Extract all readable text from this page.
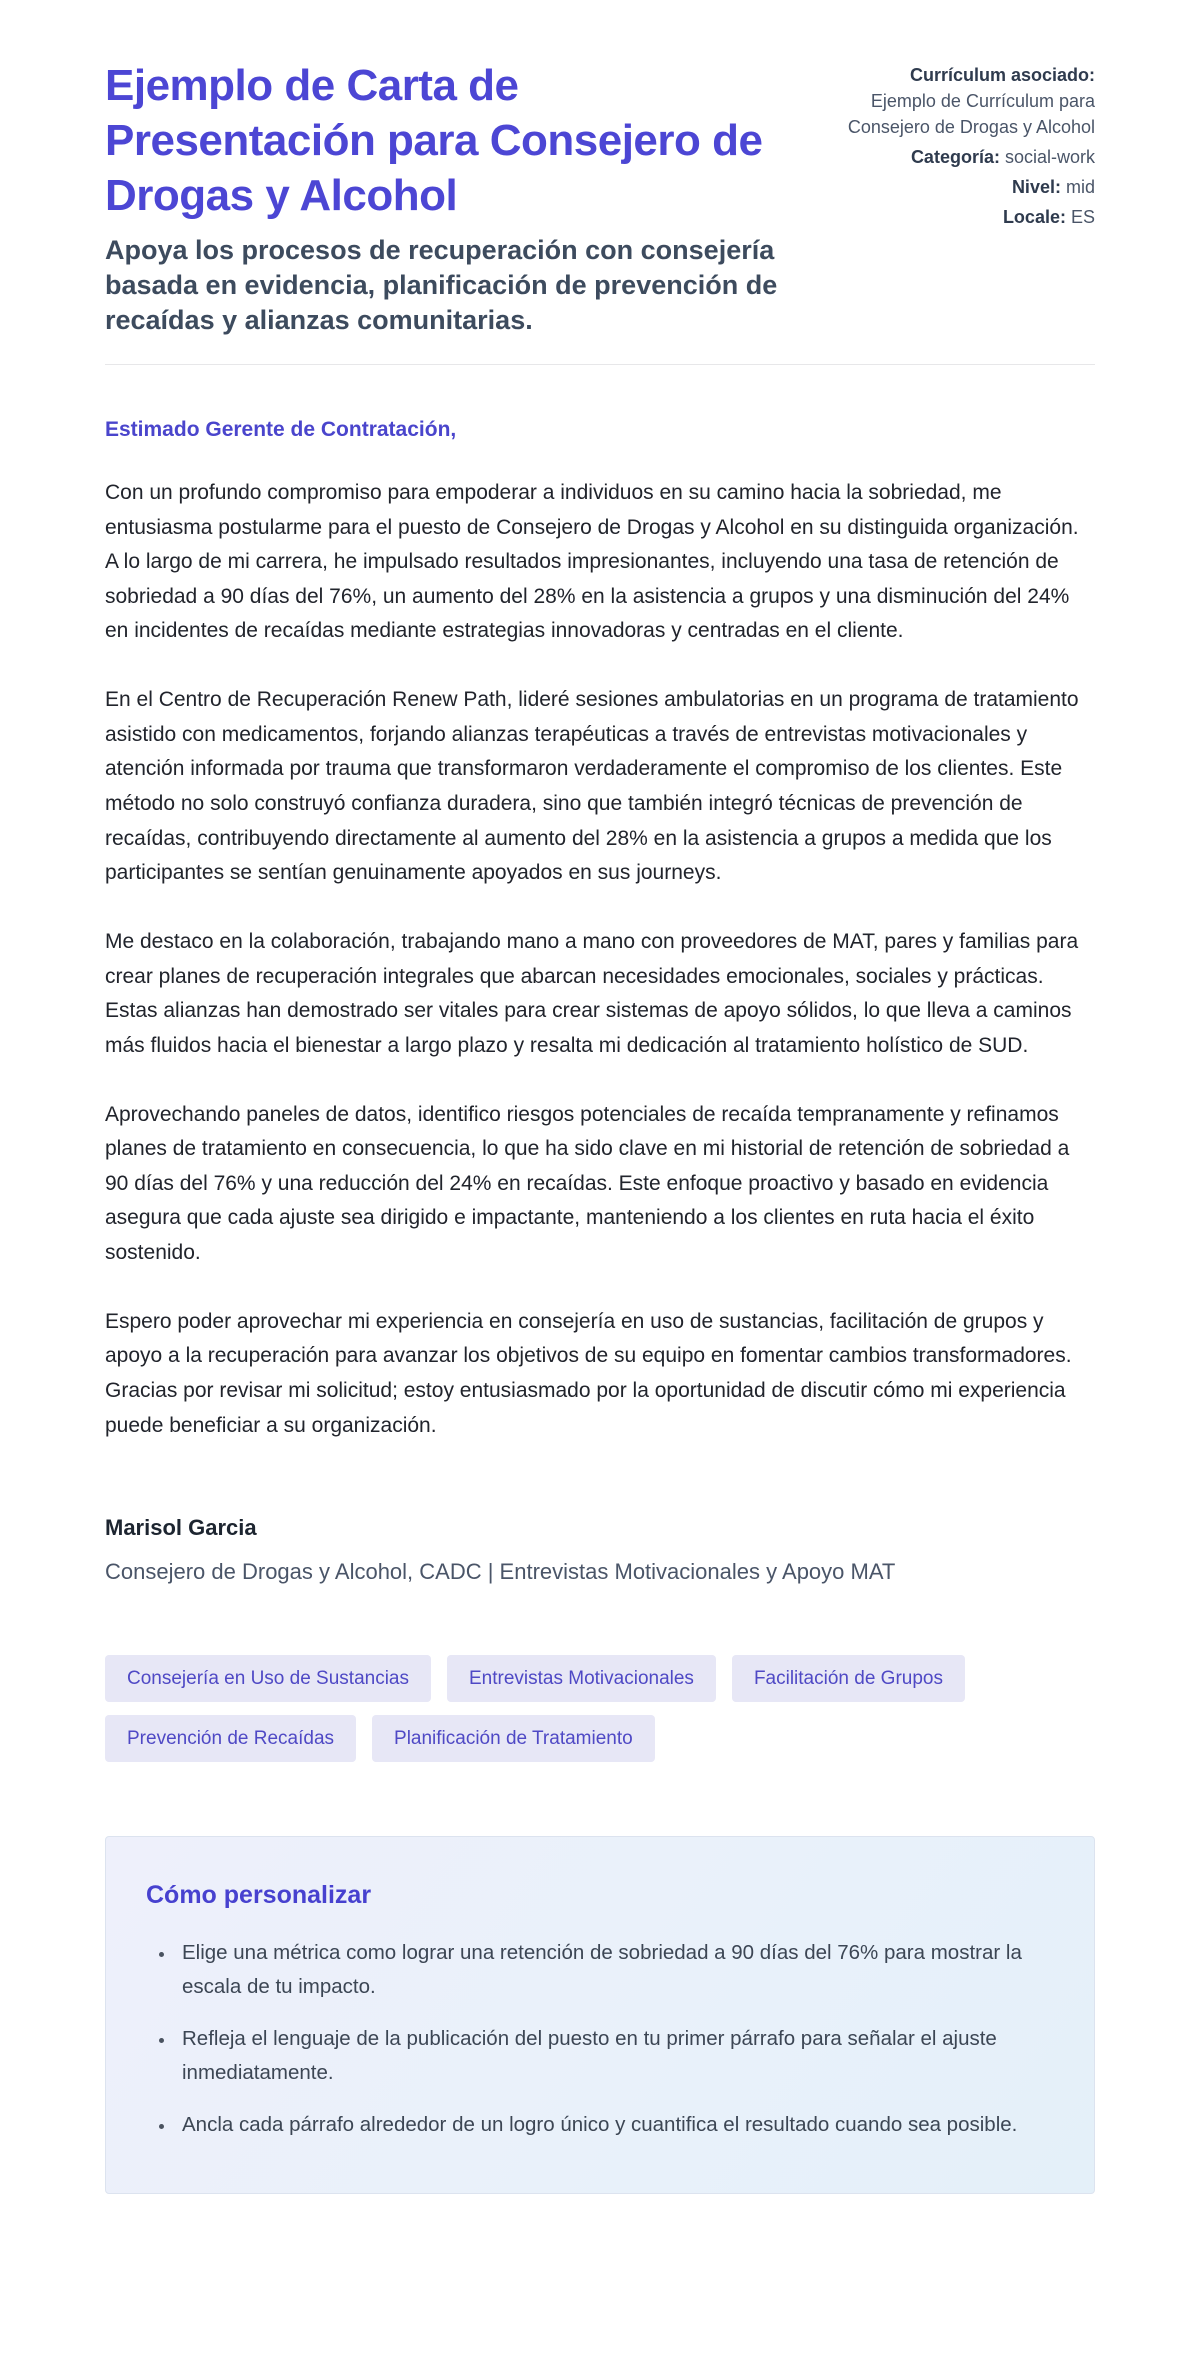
Ejemplo de Carta de Presentación para Consejero de Drogas y Alcohol

Apoya los procesos de recuperación con consejería basada en evidencia, planificación de prevención de recaídas y alianzas comunitarias.

Currículum asociado:
Ejemplo de Currículum para Consejero de Drogas y Alcohol
Categoría: social-work
Nivel: mid
Locale: ES

Estimado Gerente de Contratación,

Con un profundo compromiso para empoderar a individuos en su camino hacia la sobriedad, me entusiasma postularme para el puesto de Consejero de Drogas y Alcohol en su distinguida organización. A lo largo de mi carrera, he impulsado resultados impresionantes, incluyendo una tasa de retención de sobriedad a 90 días del 76%, un aumento del 28% en la asistencia a grupos y una disminución del 24% en incidentes de recaídas mediante estrategias innovadoras y centradas en el cliente.

En el Centro de Recuperación Renew Path, lideré sesiones ambulatorias en un programa de tratamiento asistido con medicamentos, forjando alianzas terapéuticas a través de entrevistas motivacionales y atención informada por trauma que transformaron verdaderamente el compromiso de los clientes. Este método no solo construyó confianza duradera, sino que también integró técnicas de prevención de recaídas, contribuyendo directamente al aumento del 28% en la asistencia a grupos a medida que los participantes se sentían genuinamente apoyados en sus journeys.

Me destaco en la colaboración, trabajando mano a mano con proveedores de MAT, pares y familias para crear planes de recuperación integrales que abarcan necesidades emocionales, sociales y prácticas. Estas alianzas han demostrado ser vitales para crear sistemas de apoyo sólidos, lo que lleva a caminos más fluidos hacia el bienestar a largo plazo y resalta mi dedicación al tratamiento holístico de SUD.

Aprovechando paneles de datos, identifico riesgos potenciales de recaída tempranamente y refinamos planes de tratamiento en consecuencia, lo que ha sido clave en mi historial de retención de sobriedad a 90 días del 76% y una reducción del 24% en recaídas. Este enfoque proactivo y basado en evidencia asegura que cada ajuste sea dirigido e impactante, manteniendo a los clientes en ruta hacia el éxito sostenido.

Espero poder aprovechar mi experiencia en consejería en uso de sustancias, facilitación de grupos y apoyo a la recuperación para avanzar los objetivos de su equipo en fomentar cambios transformadores. Gracias por revisar mi solicitud; estoy entusiasmado por la oportunidad de discutir cómo mi experiencia puede beneficiar a su organización.

Marisol Garcia

Consejero de Drogas y Alcohol, CADC | Entrevistas Motivacionales y Apoyo MAT

Consejería en Uso de Sustancias	Entrevistas Motivacionales	Facilitación de Grupos
Prevención de Recaídas	Planificación de Tratamiento
Cómo personalizar
• Elige una métrica como lograr una retención de sobriedad a 90 días del 76% para mostrar la escala de tu impacto.
• Refleja el lenguaje de la publicación del puesto en tu primer párrafo para señalar el ajuste inmediatamente.
• Ancla cada párrafo alrededor de un logro único y cuantifica el resultado cuando sea posible.
